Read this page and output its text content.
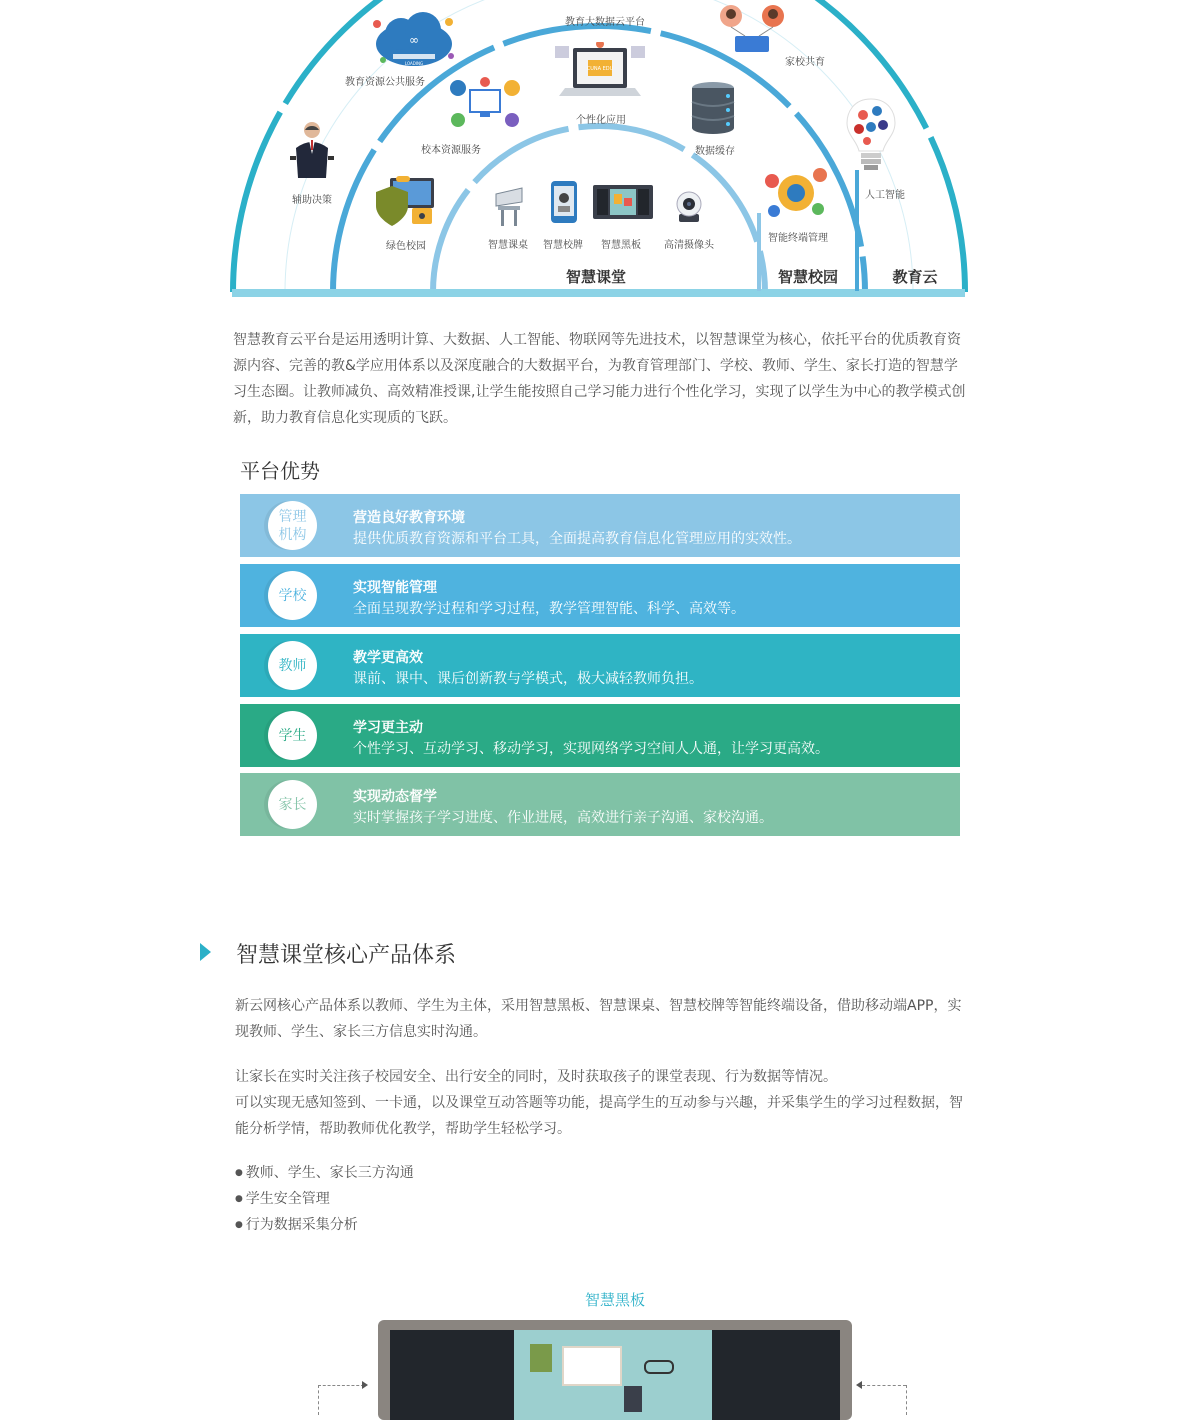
∞
LOADING
CUNA EDU
教育大数据云平台
教育资源公共服务
家校共育
辅助决策	人工智能
校本资源服务
个性化应用
数据缓存
绿色校园
智能终端管理
智慧课桌 智慧校牌 智慧黑板 高清摄像头
智慧课堂	智慧校园	教育云
智慧教育云平台是运用透明计算、大数据、人工智能、物联网等先进技术，以智慧课堂为核心，依托平台的优质教育资源内容、完善的教&学应用体系以及深度融合的大数据平台，为教育管理部门、学校、教师、学生、家长打造的智慧学习生态圈。让教师减负、高效精准授课,让学生能按照自己学习能力进行个性化学习，实现了以学生为中心的教学模式创新，助力教育信息化实现质的飞跃。
平台优势
管理机构
营造良好教育环境
提供优质教育资源和平台工具，全面提高教育信息化管理应用的实效性。
学校	实现智能管理
全面呈现教学过程和学习过程，教学管理智能、科学、高效等。
教师	教学更高效
课前、课中、课后创新教与学模式，极大减轻教师负担。
学生	学习更主动
个性学习、互动学习、移动学习，实现网络学习空间人人通，让学习更高效。
家长	实现动态督学
实时掌握孩子学习进度、作业进展，高效进行亲子沟通、家校沟通。
智慧课堂核心产品体系
新云网核心产品体系以教师、学生为主体，采用智慧黑板、智慧课桌、智慧校牌等智能终端设备，借助移动端APP，实现教师、学生、家长三方信息实时沟通。
让家长在实时关注孩子校园安全、出行安全的同时，及时获取孩子的课堂表现、行为数据等情况。
可以实现无感知签到、一卡通，以及课堂互动答题等功能，提高学生的互动参与兴趣，并采集学生的学习过程数据，智能分析学情，帮助教师优化教学，帮助学生轻松学习。
● 教师、学生、家长三方沟通
● 学生安全管理
● 行为数据采集分析
智慧黑板
